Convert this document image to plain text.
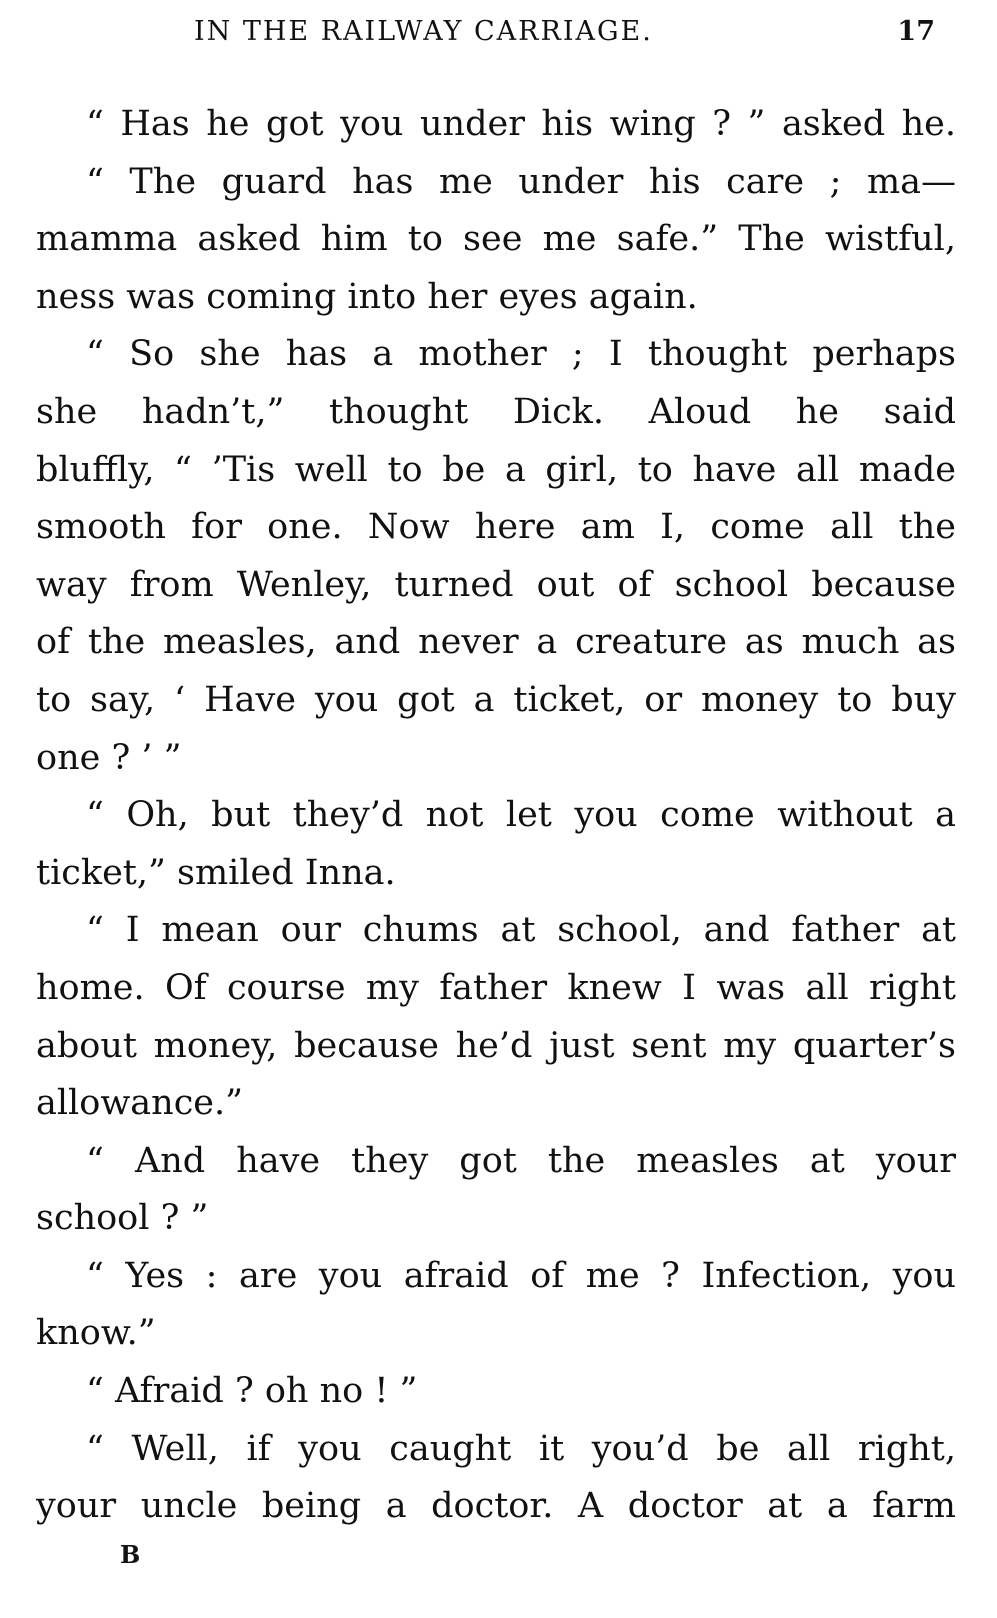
IN THE RAILWAY CARRIAGE.	17
“ Has he got you under his wing ? ” asked he.
“ The guard has me under his care ; ma—
mamma asked him to see me safe.” The wistful,
ness was coming into her eyes again.
“ So she has a mother ; I thought perhaps
she hadn’t,” thought Dick. Aloud he said
bluffly, “ ’Tis well to be a girl, to have all made
smooth for one. Now here am I, come all the
way from Wenley, turned out of school because
of the measles, and never a creature as much as
to say, ‘ Have you got a ticket, or money to buy
one ? ’ ”
“ Oh, but they’d not let you come without a
ticket,” smiled Inna.
“ I mean our chums at school, and father at
home. Of course my father knew I was all right
about money, because he’d just sent my quarter’s
allowance.”
“ And have they got the measles at your
school ? ”
“ Yes : are you afraid of me ? Infection, you
know.”
“ Afraid ? oh no ! ”
“ Well, if you caught it you’d be all right,
your uncle being a doctor. A doctor at a farm
B
